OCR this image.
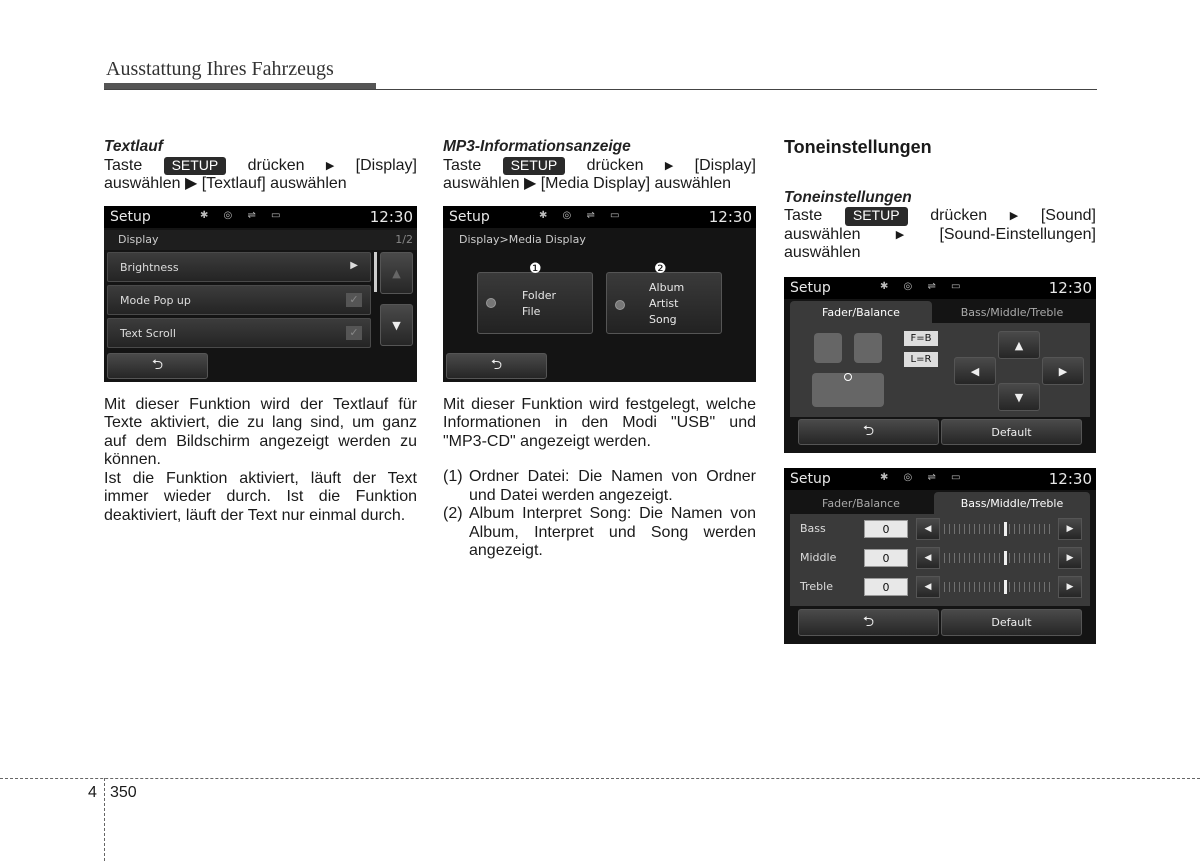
Ausstattung Ihres Fahrzeugs
Textlauf
Taste	SETUP	drücken ▶ [Display]
auswählen ▶ [Textlauf] auswählen

Mit dieser Funktion wird der Textlauf für Texte aktiviert, die zu lang sind, um ganz auf dem Bildschirm angezeigt werden zu können.

Ist die Funktion aktiviert, läuft der Text immer wieder durch. Ist die Funktion deaktiviert, läuft der Text nur einmal durch.

MP3-Informationsanzeige
Taste	SETUP	drücken ▶ [Display]
auswählen ▶ [Media Display] auswählen

Mit dieser Funktion wird festgelegt, welche Informationen in den Modi "USB" und "MP3-CD" angezeigt werden.

(1) Ordner Datei: Die Namen von Ordner und Datei werden angezeigt.
(2) Album Interpret Song: Die Namen von Album, Interpret und Song werden angezeigt.
Toneinstellungen
Toneinstellungen
Taste	SETUP	drücken ▶ [Sound]
auswählen	▶ [Sound-Einstellungen]
auswählen
Setup	✱ ◎ ⇌ ▭	12:30
Display	1/2
Brightness	▶
Mode Pop up	✓
Text Scroll	✓
▲
▼
⮌
Setup	✱ ◎ ⇌ ▭	12:30
Display>Media Display
Folder
File
❶
Album
Artist
Song
❷
⮌
Setup	✱ ◎ ⇌ ▭	12:30
Fader/Balance	Bass/Middle/Treble
F=B
L=R
▲
◀	▶
▼
⮌	Default
Setup	✱ ◎ ⇌ ▭	12:30
Fader/Balance	Bass/Middle/Treble
Bass	0	◀	▶
Middle	0	◀	▶
Treble	0	◀	▶
⮌	Default
4 350
